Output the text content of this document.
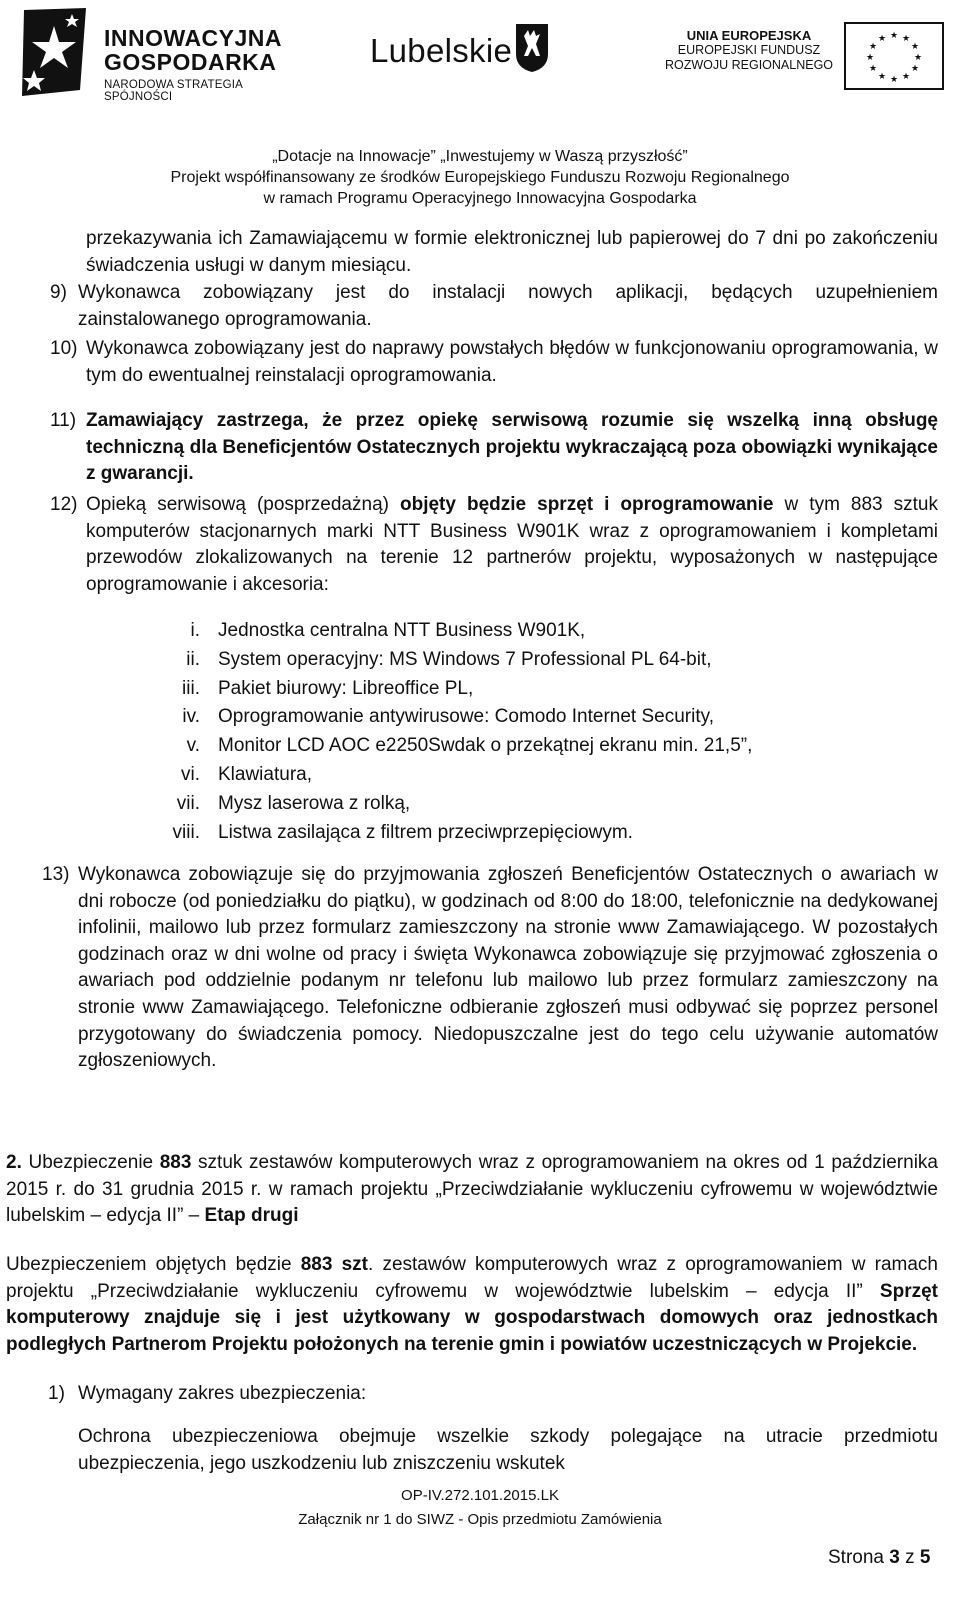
INNOWACYJNA
GOSPODARKA
NARODOWA STRATEGIA SPÓJNOŚCI
Lubelskie	UNIA EUROPEJSKA
EUROPEJSKI FUNDUSZ
ROZWOJU REGIONALNEGO
★ ★
★
★
★
★
★
★
★
★
★
★
„Dotacje na Innowacje” „Inwestujemy w Waszą przyszłość”
Projekt współfinansowany ze środków Europejskiego Funduszu Rozwoju Regionalnego
w ramach Programu Operacyjnego Innowacyjna Gospodarka
przekazywania ich Zamawiającemu w formie elektronicznej lub papierowej do 7 dni po zakończeniu świadczenia usługi w danym miesiącu.
9) Wykonawca zobowiązany jest do instalacji nowych aplikacji, będących uzupełnieniem zainstalowanego oprogramowania.
10) Wykonawca zobowiązany jest do naprawy powstałych błędów w funkcjonowaniu oprogramowania, w tym do ewentualnej reinstalacji oprogramowania.
11) Zamawiający zastrzega, że przez opiekę serwisową rozumie się wszelką inną obsługę techniczną dla Beneficjentów Ostatecznych projektu wykraczającą poza obowiązki wynikające z gwarancji.
12) Opieką serwisową (posprzedażną) objęty będzie sprzęt i oprogramowanie w tym 883 sztuk komputerów stacjonarnych marki NTT Business W901K wraz z oprogramowaniem i kompletami przewodów zlokalizowanych na terenie 12 partnerów projektu, wyposażonych w następujące oprogramowanie i akcesoria:
i. Jednostka centralna NTT Business W901K,
ii. System operacyjny: MS Windows 7 Professional PL 64-bit,
iii. Pakiet biurowy: Libreoffice PL,
iv. Oprogramowanie antywirusowe: Comodo Internet Security,
v. Monitor LCD AOC e2250Swdak o przekątnej ekranu min. 21,5”,
vi. Klawiatura,
vii. Mysz laserowa z rolką,
viii. Listwa zasilająca z filtrem przeciwprzepięciowym.
13) Wykonawca zobowiązuje się do przyjmowania zgłoszeń Beneficjentów Ostatecznych o awariach w dni robocze (od poniedziałku do piątku), w godzinach od 8:00 do 18:00, telefonicznie na dedykowanej infolinii, mailowo lub przez formularz zamieszczony na stronie www Zamawiającego. W pozostałych godzinach oraz w dni wolne od pracy i święta Wykonawca zobowiązuje się przyjmować zgłoszenia o awariach pod oddzielnie podanym nr telefonu lub mailowo lub przez formularz zamieszczony na stronie www Zamawiającego. Telefoniczne odbieranie zgłoszeń musi odbywać się poprzez personel przygotowany do świadczenia pomocy. Niedopuszczalne jest do tego celu używanie automatów zgłoszeniowych.
2. Ubezpieczenie 883 sztuk zestawów komputerowych wraz z oprogramowaniem na okres od 1 października 2015 r. do 31 grudnia 2015 r. w ramach projektu „Przeciwdziałanie wykluczeniu cyfrowemu w województwie lubelskim – edycja II” – Etap drugi
Ubezpieczeniem objętych będzie 883 szt. zestawów komputerowych wraz z oprogramowaniem w ramach projektu „Przeciwdziałanie wykluczeniu cyfrowemu w województwie lubelskim – edycja II” Sprzęt komputerowy znajduje się i jest użytkowany w gospodarstwach domowych oraz jednostkach podległych Partnerom Projektu położonych na terenie gmin i powiatów uczestniczących w Projekcie.
1) Wymagany zakres ubezpieczenia:
Ochrona ubezpieczeniowa obejmuje wszelkie szkody polegające na utracie przedmiotu ubezpieczenia, jego uszkodzeniu lub zniszczeniu wskutek
OP-IV.272.101.2015.LK
Załącznik nr 1 do SIWZ - Opis przedmiotu Zamówienia
Strona 3 z 5
